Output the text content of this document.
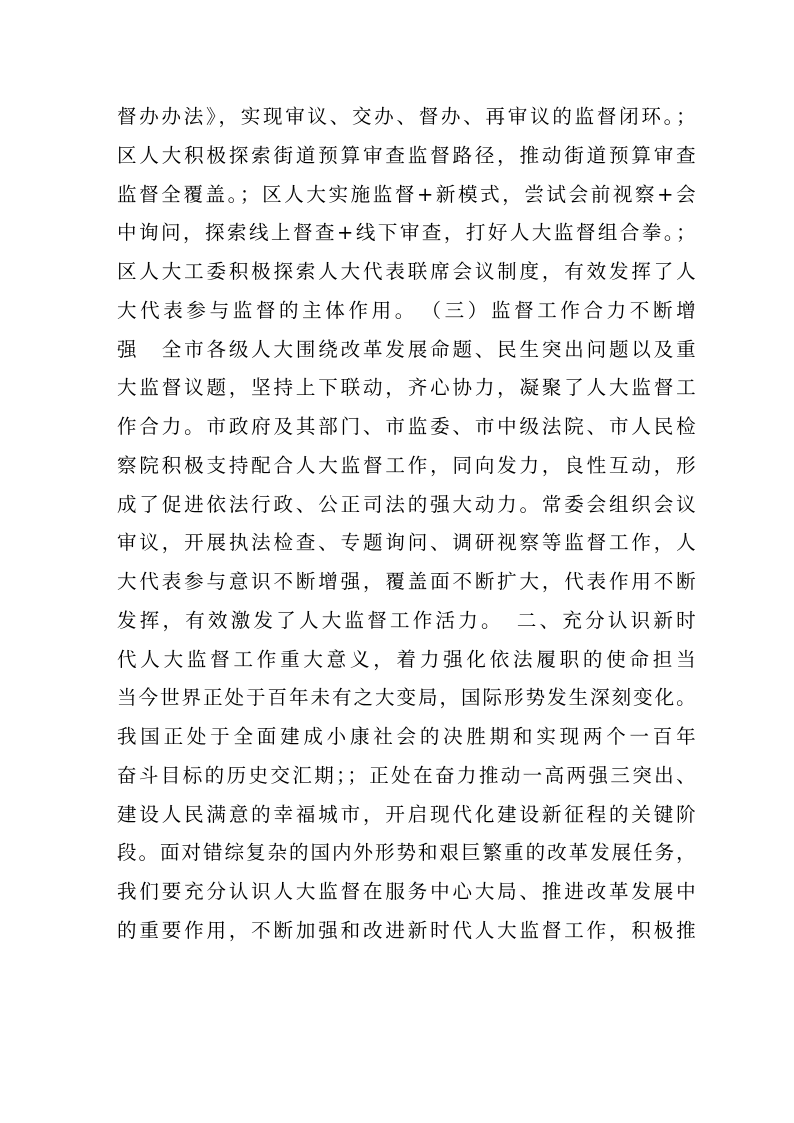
督办办法》，实现审议、交办、督办、再审议的监督闭环。；
区人大积极探索街道预算审查监督路径，推动街道预算审查
监督全覆盖。；区人大实施监督+新模式，尝试会前视察+会
中询问，探索线上督查+线下审查，打好人大监督组合拳。；
区人大工委积极探索人大代表联席会议制度，有效发挥了人
大代表参与监督的主体作用。　（三）监督工作合力不断增
强　全市各级人大围绕改革发展命题、民生突出问题以及重
大监督议题，坚持上下联动，齐心协力，凝聚了人大监督工
作合力。市政府及其部门、市监委、市中级法院、市人民检
察院积极支持配合人大监督工作，同向发力，良性互动，形
成了促进依法行政、公正司法的强大动力。常委会组织会议
审议，开展执法检查、专题询问、调研视察等监督工作，人
大代表参与意识不断增强，覆盖面不断扩大，代表作用不断
发挥，有效激发了人大监督工作活力。　二、充分认识新时
代人大监督工作重大意义，着力强化依法履职的使命担当
当今世界正处于百年未有之大变局，国际形势发生深刻变化。
我国正处于全面建成小康社会的决胜期和实现两个一百年
奋斗目标的历史交汇期；；正处在奋力推动一高两强三突出、
建设人民满意的幸福城市，开启现代化建设新征程的关键阶
段。面对错综复杂的国内外形势和艰巨繁重的改革发展任务，
我们要充分认识人大监督在服务中心大局、推进改革发展中
的重要作用，不断加强和改进新时代人大监督工作，积极推
